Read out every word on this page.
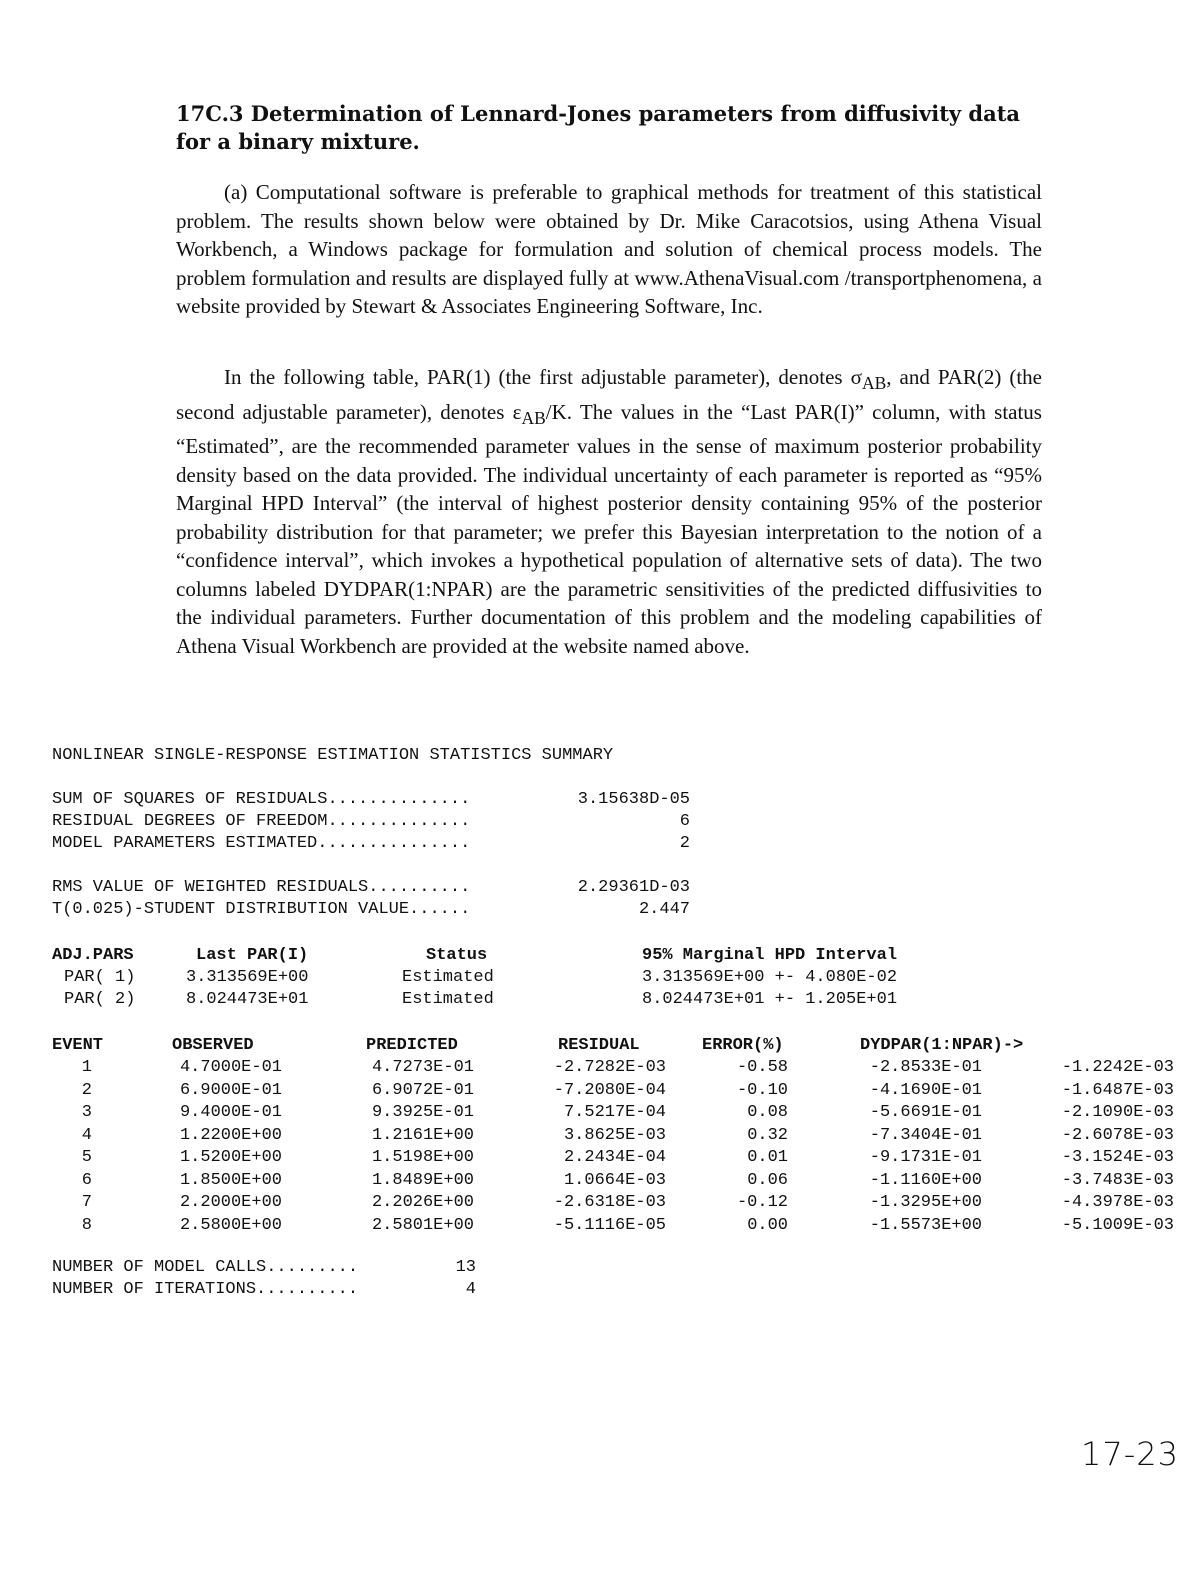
17C.3 Determination of Lennard-Jones parameters from diffusivity data
for a binary mixture.

(a) Computational software is preferable to graphical methods for treatment of this statistical problem. The results shown below were obtained by Dr. Mike Caracotsios, using Athena Visual Workbench, a Windows package for formulation and solution of chemical process models. The problem formulation and results are displayed fully at www.AthenaVisual.com /transportphenomena, a website provided by Stewart & Associates Engineering Software, Inc.

In the following table, PAR(1) (the first adjustable parameter), denotes $\sigma_{AB}$, and PAR(2) (the second adjustable parameter), denotes $\varepsilon_{AB}/K$. The values in the “Last PAR(I)” column, with status “Estimated”, are the recommended parameter values in the sense of maximum posterior probability density based on the data provided. The individual uncertainty of each parameter is reported as “95% Marginal HPD Interval” (the interval of highest posterior density containing 95% of the posterior probability distribution for that parameter; we prefer this Bayesian interpretation to the notion of a “confidence interval”, which invokes a hypothetical population of alternative sets of data). The two columns labeled DYDPAR(1:NPAR) are the parametric sensitivities of the predicted diffusivities to the individual parameters. Further documentation of this problem and the modeling capabilities of Athena Visual Workbench are provided at the website named above.

NONLINEAR SINGLE-RESPONSE ESTIMATION STATISTICS SUMMARY
SUM OF SQUARES OF RESIDUALS..............	3.15638D-05
RESIDUAL DEGREES OF FREEDOM..............	6
MODEL PARAMETERS ESTIMATED...............	2
RMS VALUE OF WEIGHTED RESIDUALS..........	2.29361D-03
T(0.025)-STUDENT DISTRIBUTION VALUE......	2.447
ADJ.PARS	Last PAR(I)	Status	95% Marginal HPD Interval
PAR( 1)	3.313569E+00	Estimated	3.313569E+00 +- 4.080E-02
PAR( 2)	8.024473E+01	Estimated	8.024473E+01 +- 1.205E+01
EVENT	OBSERVED	PREDICTED	RESIDUAL	ERROR(%)	DYDPAR(1:NPAR)->
1	4.7000E-01	4.7273E-01	-2.7282E-03	-0.58	-2.8533E-01	-1.2242E-03
2	6.9000E-01	6.9072E-01	-7.2080E-04	-0.10	-4.1690E-01	-1.6487E-03
3	9.4000E-01	9.3925E-01	7.5217E-04	0.08	-5.6691E-01	-2.1090E-03
4	1.2200E+00	1.2161E+00	3.8625E-03	0.32	-7.3404E-01	-2.6078E-03
5	1.5200E+00	1.5198E+00	2.2434E-04	0.01	-9.1731E-01	-3.1524E-03
6	1.8500E+00	1.8489E+00	1.0664E-03	0.06	-1.1160E+00	-3.7483E-03
7	2.2000E+00	2.2026E+00	-2.6318E-03	-0.12	-1.3295E+00	-4.3978E-03
8	2.5800E+00	2.5801E+00	-5.1116E-05	0.00	-1.5573E+00	-5.1009E-03
NUMBER OF MODEL CALLS.........	13
NUMBER OF ITERATIONS..........	4
17-23
